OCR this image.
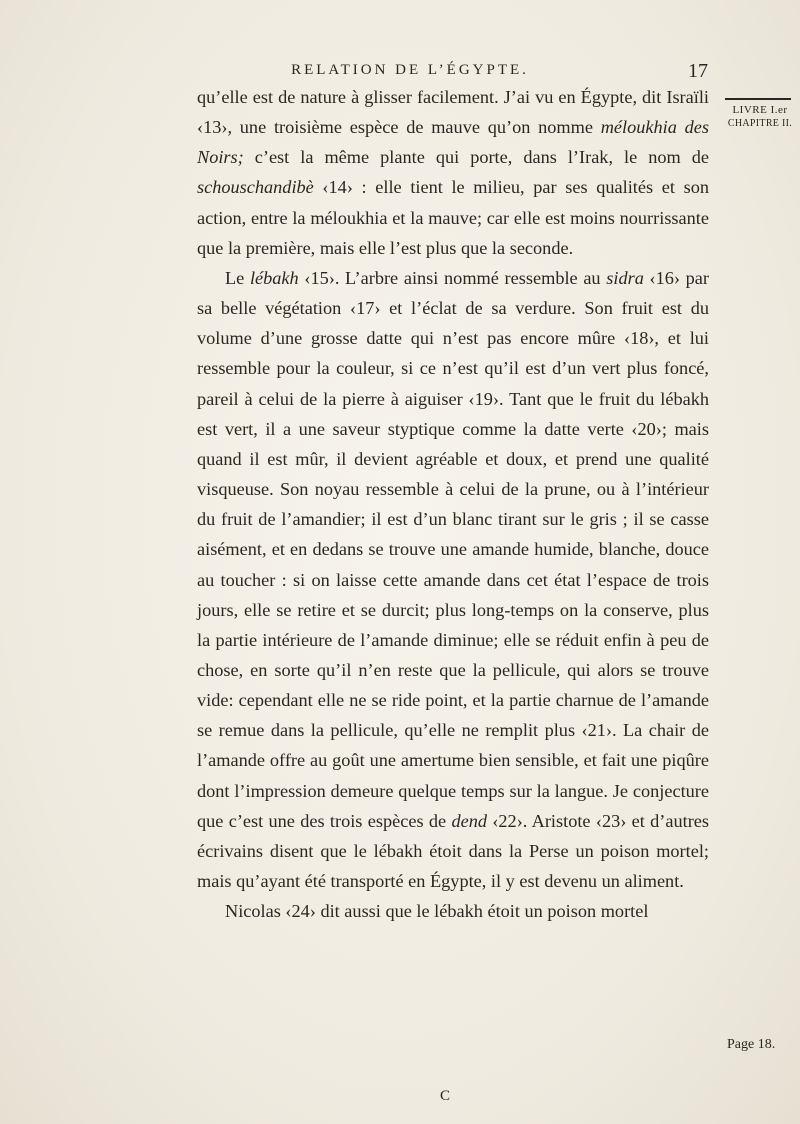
RELATION DE L’ÉGYPTE.	17
LIVRE I.er
CHAPITRE II.
Page 18.

qu’elle est de nature à glisser facilement. J’ai vu en Égypte, dit Israïli ‹13›, une troisième espèce de mauve qu’on nomme méloukhia des Noirs; c’est la même plante qui porte, dans l’Irak, le nom de schouschandibè ‹14› : elle tient le milieu, par ses qualités et son action, entre la méloukhia et la mauve; car elle est moins nourrissante que la première, mais elle l’est plus que la seconde.

Le lébakh ‹15›. L’arbre ainsi nommé ressemble au sidra ‹16› par sa belle végétation ‹17› et l’éclat de sa verdure. Son fruit est du volume d’une grosse datte qui n’est pas encore mûre ‹18›, et lui ressemble pour la couleur, si ce n’est qu’il est d’un vert plus foncé, pareil à celui de la pierre à aiguiser ‹19›. Tant que le fruit du lébakh est vert, il a une saveur styptique comme la datte verte ‹20›; mais quand il est mûr, il devient agréable et doux, et prend une qualité visqueuse. Son noyau ressemble à celui de la prune, ou à l’intérieur du fruit de l’amandier; il est d’un blanc tirant sur le gris ; il se casse aisément, et en dedans se trouve une amande humide, blanche, douce au toucher : si on laisse cette amande dans cet état l’espace de trois jours, elle se retire et se durcit; plus long-temps on la conserve, plus la partie intérieure de l’amande diminue; elle se réduit enfin à peu de chose, en sorte qu’il n’en reste que la pellicule, qui alors se trouve vide: cependant elle ne se ride point, et la partie charnue de l’amande se remue dans la pellicule, qu’elle ne remplit plus ‹21›. La chair de l’amande offre au goût une amertume bien sensible, et fait une piqûre dont l’impression demeure quelque temps sur la langue. Je conjecture que c’est une des trois espèces de dend ‹22›. Aristote ‹23› et d’autres écrivains disent que le lébakh étoit dans la Perse un poison mortel; mais qu’ayant été transporté en Égypte, il y est devenu un aliment.

Nicolas ‹24› dit aussi que le lébakh étoit un poison mortel

C
